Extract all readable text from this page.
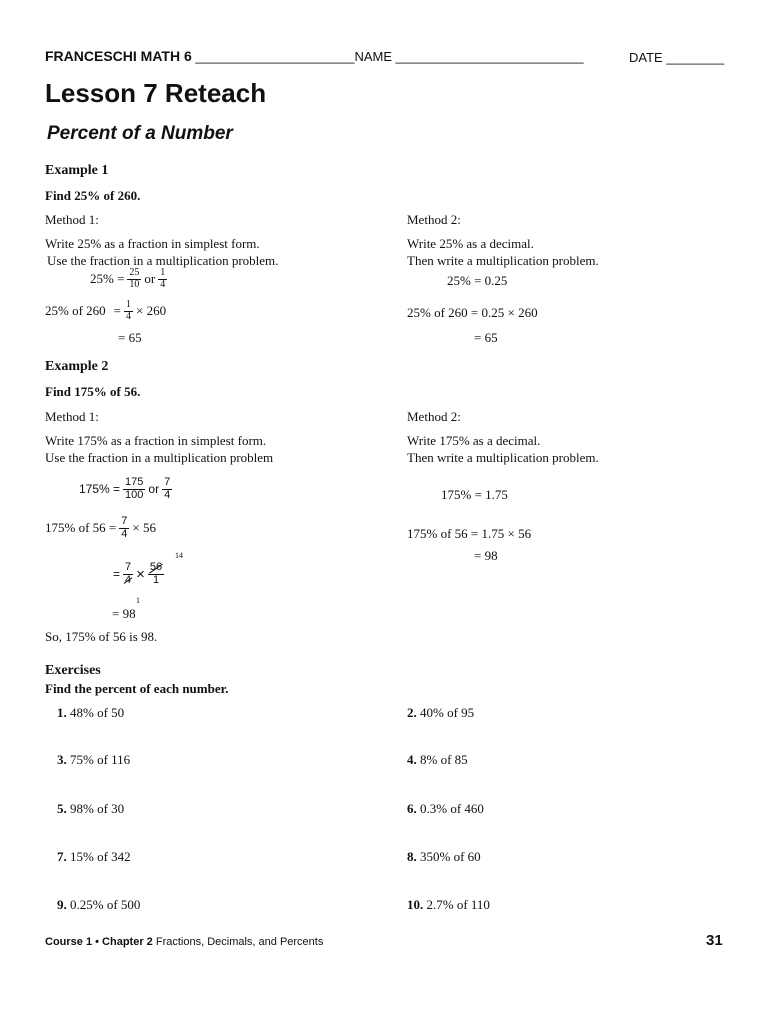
FRANCESCHI MATH 6 ______________________NAME __________________________	DATE ________
Lesson 7 Reteach
Percent of a Number
Example 1
Find 25% of 260.
Method 1:
Write 25% as a fraction in simplest form.
Use the fraction in a multiplication problem.
$25\% = \frac{25}{10}$ or $\frac{1}{4}$
25% of $260 = \frac{1}{4} \times 260$
= 65
Method 2:
Write 25% as a decimal.
Then write a multiplication problem.
25% = 0.25
25% of 260 = 0.25 × 260
= 65
Example 2
Find 175% of 56.
Method 1:
Write 175% as a fraction in simplest form.
Use the fraction in a multiplication problem
$175\% = \frac{175}{100}$ or $\frac{7}{4}$
175% of $56 = \frac{7}{4} \times 56$
14
= $\frac{7}{4} \times \frac{56}{1}$
1
= 98
So, 175% of 56 is 98.
Method 2:
Write 175% as a decimal.
Then write a multiplication problem.
175% = 1.75
175% of 56 = 1.75 × 56
= 98
Exercises
Find the percent of each number.
1. 48% of 50	2. 40% of 95
3. 75% of 116	4. 8% of 85
5. 98% of 30	6. 0.3% of 460
7. 15% of 342	8. 350% of 60
9. 0.25% of 500	10. 2.7% of 110
Course 1 • Chapter 2 Fractions, Decimals, and Percents	31
